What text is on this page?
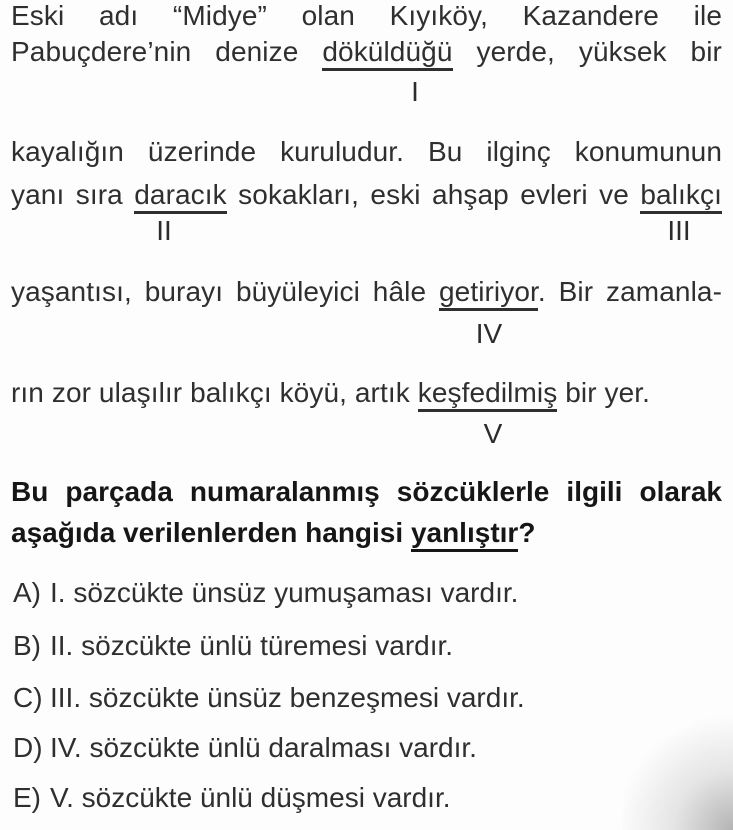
Eski adı “Midye” olan Kıyıköy, Kazandere ile
Pabuçdere’nin denize döküldüğü yerde, yüksek bir
I
kayalığın üzerinde kuruludur. Bu ilginç konumunun
yanı sıra daracık sokakları, eski ahşap evleri ve balıkçı
II	III
yaşantısı, burayı büyüleyici hâle getiriyor. Bir zamanla-
IV
rın zor ulaşılır balıkçı köyü, artık keşfedilmiş bir yer.
V
Bu parçada numaralanmış sözcüklerle ilgili olarak
aşağıda verilenlerden hangisi yanlıştır?
A) I. sözcükte ünsüz yumuşaması vardır.
B) II. sözcükte ünlü türemesi vardır.
C) III. sözcükte ünsüz benzeşmesi vardır.
D) IV. sözcükte ünlü daralması vardır.
E) V. sözcükte ünlü düşmesi vardır.
